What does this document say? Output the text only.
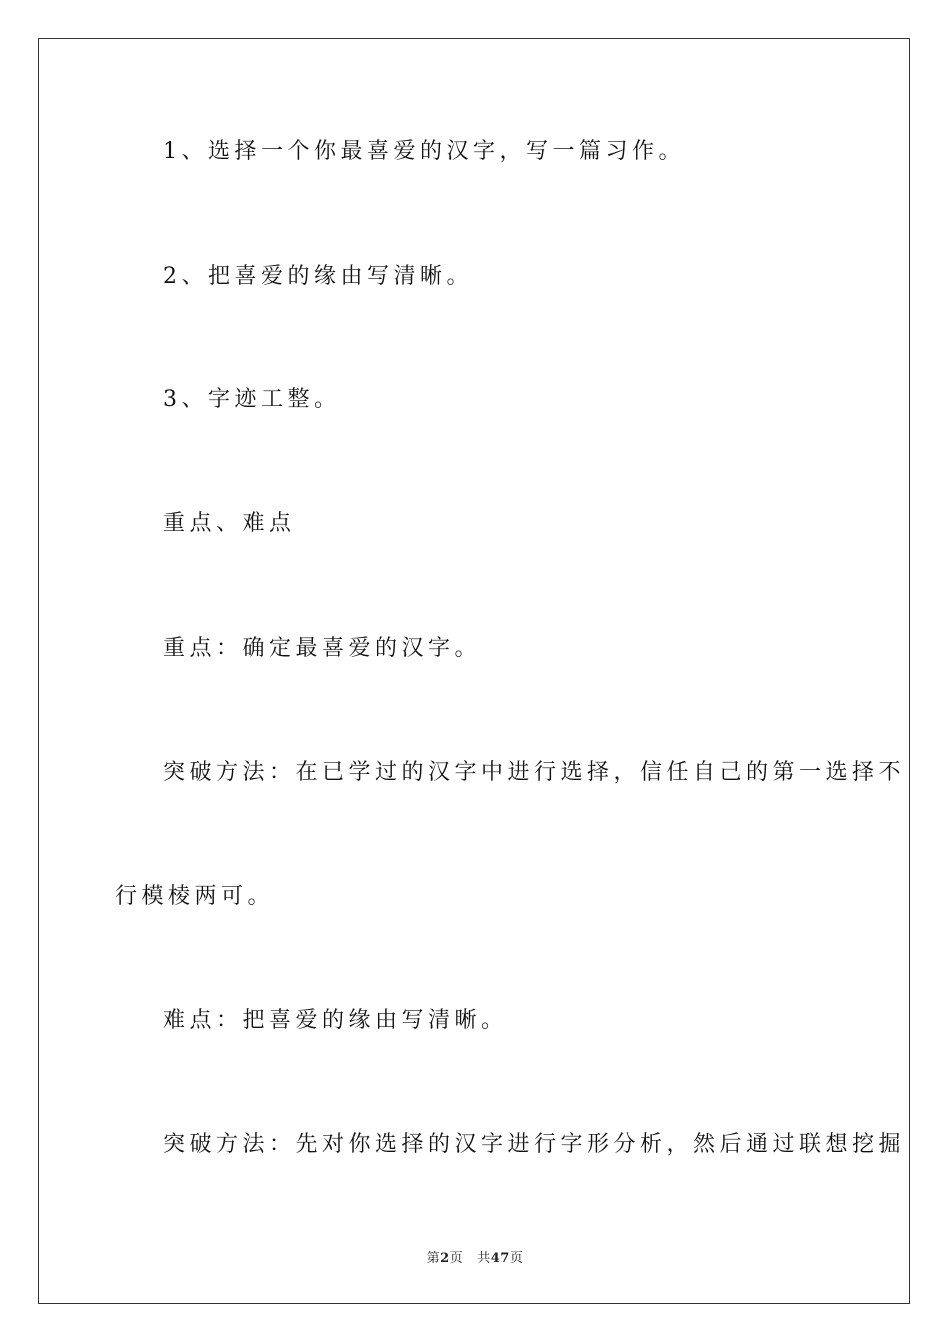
1、选择一个你最喜爱的汉字，写一篇习作。
2、把喜爱的缘由写清晰。
3、字迹工整。
重点、难点
重点：确定最喜爱的汉字。
突破方法：在已学过的汉字中进行选择，信任自己的第一选择不
行模棱两可。
难点：把喜爱的缘由写清晰。
突破方法：先对你选择的汉字进行字形分析，然后通过联想挖掘
第2页 共47页
